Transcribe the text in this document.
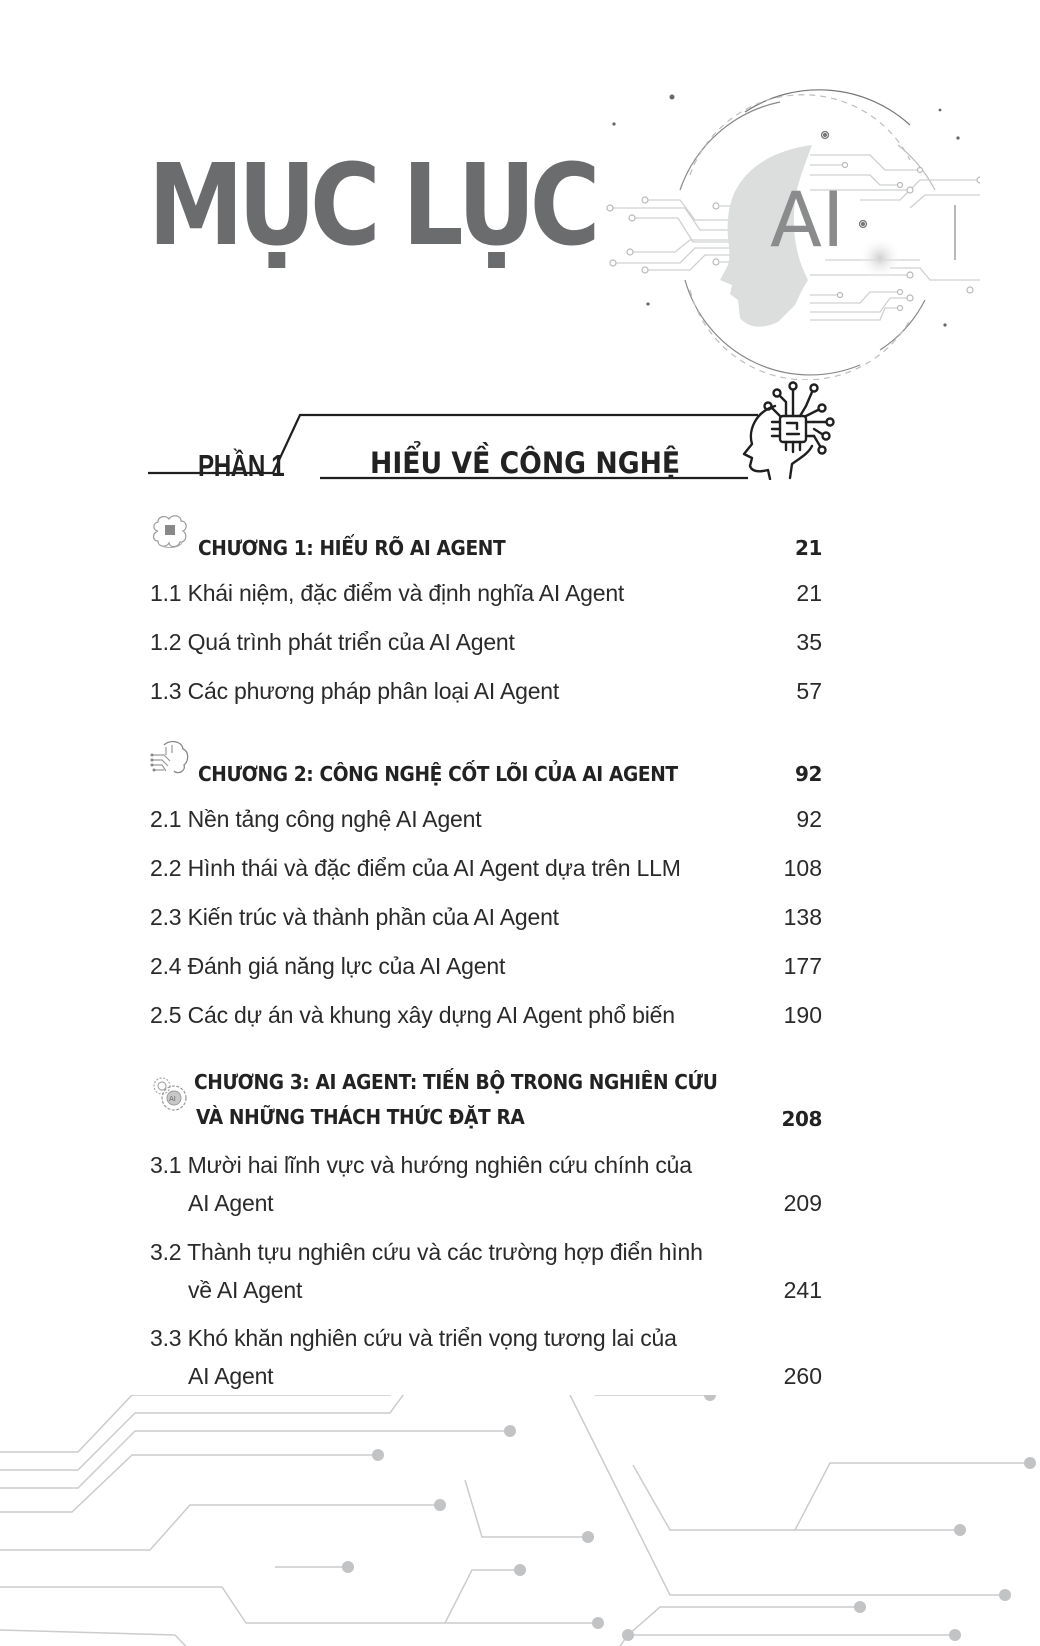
MỤC LỤC AI
PHẦN 1	HIỂU VỀ CÔNG NGHỆ
CHƯƠNG 1: HIỂU RÕ AI AGENT	21
1.1 Khái niệm, đặc điểm và định nghĩa AI Agent	21
1.2 Quá trình phát triển của AI Agent	35
1.3 Các phương pháp phân loại AI Agent	57
CHƯƠNG 2: CÔNG NGHỆ CỐT LÕI CỦA AI AGENT	92
2.1 Nền tảng công nghệ AI Agent	92
2.2 Hình thái và đặc điểm của AI Agent dựa trên LLM	108
2.3 Kiến trúc và thành phần của AI Agent	138
2.4 Đánh giá năng lực của AI Agent	177
2.5 Các dự án và khung xây dựng AI Agent phổ biến	190
AI
CHƯƠNG 3: AI AGENT: TIẾN BỘ TRONG NGHIÊN CỨU
VÀ NHỮNG THÁCH THỨC ĐẶT RA	208
3.1 Mười hai lĩnh vực và hướng nghiên cứu chính của
AI Agent	209
3.2 Thành tựu nghiên cứu và các trường hợp điển hình
về AI Agent	241
3.3 Khó khăn nghiên cứu và triển vọng tương lai của
AI Agent	260
